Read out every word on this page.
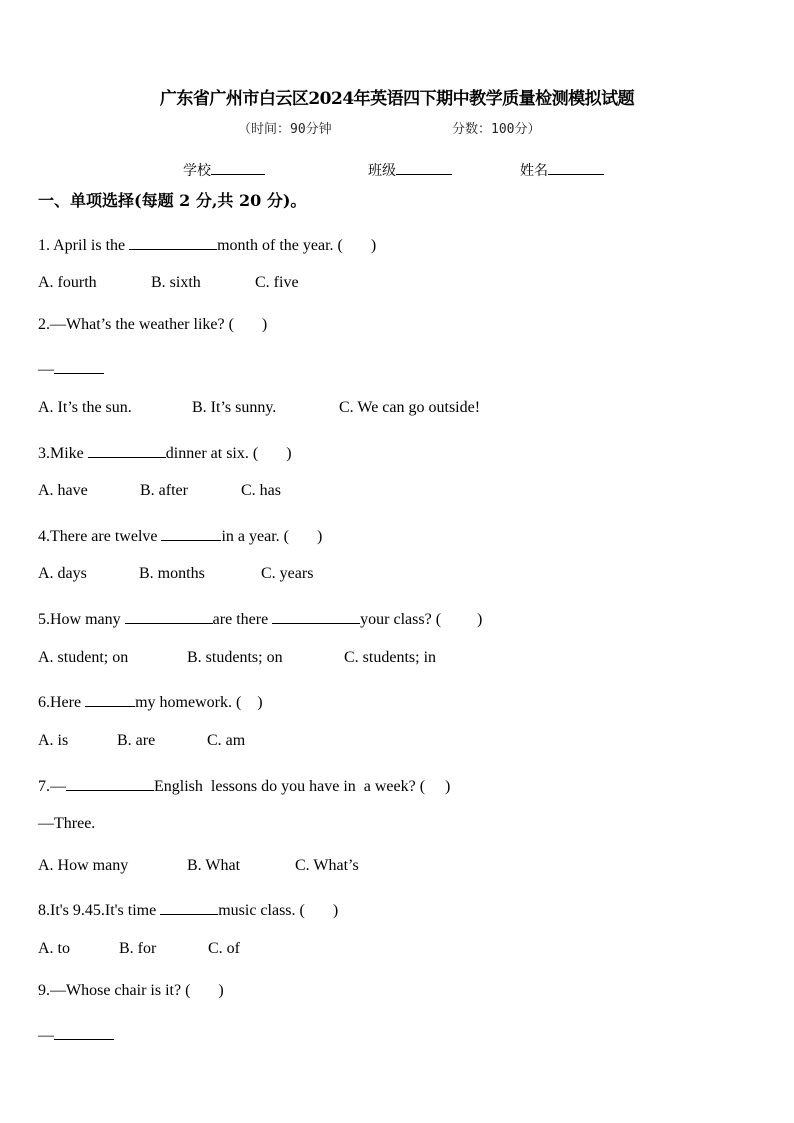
广东省广州市白云区2024年英语四下期中教学质量检测模拟试题
（时间：90分钟	分数：100分）
学校	班级	姓名
一、单项选择(每题 2 分,共 20 分)。
1. April is the	month of the year. (       )
A. fourth	B. sixth	C. five
2.—What’s the weather like? (       )
—
A. It’s the sun.	B. It’s sunny.	C. We can go outside!
3.Mike	dinner at six. (       )
A. have	B. after	C. has
4.There are twelve	in a year. (       )
A. days	B. months	C. years
5.How many	are there	your class? (         )
A. student; on	B. students; on	C. students; in
6.Here	my homework. (    )
A. is	B. are	C. am
7.—	English  lessons do you have in  a week? (     )
—Three.
A. How many	B. What	C. What’s
8.It's 9.45.It's time	music class. (       )
A. to	B. for	C. of
9.—Whose chair is it? (       )
—
